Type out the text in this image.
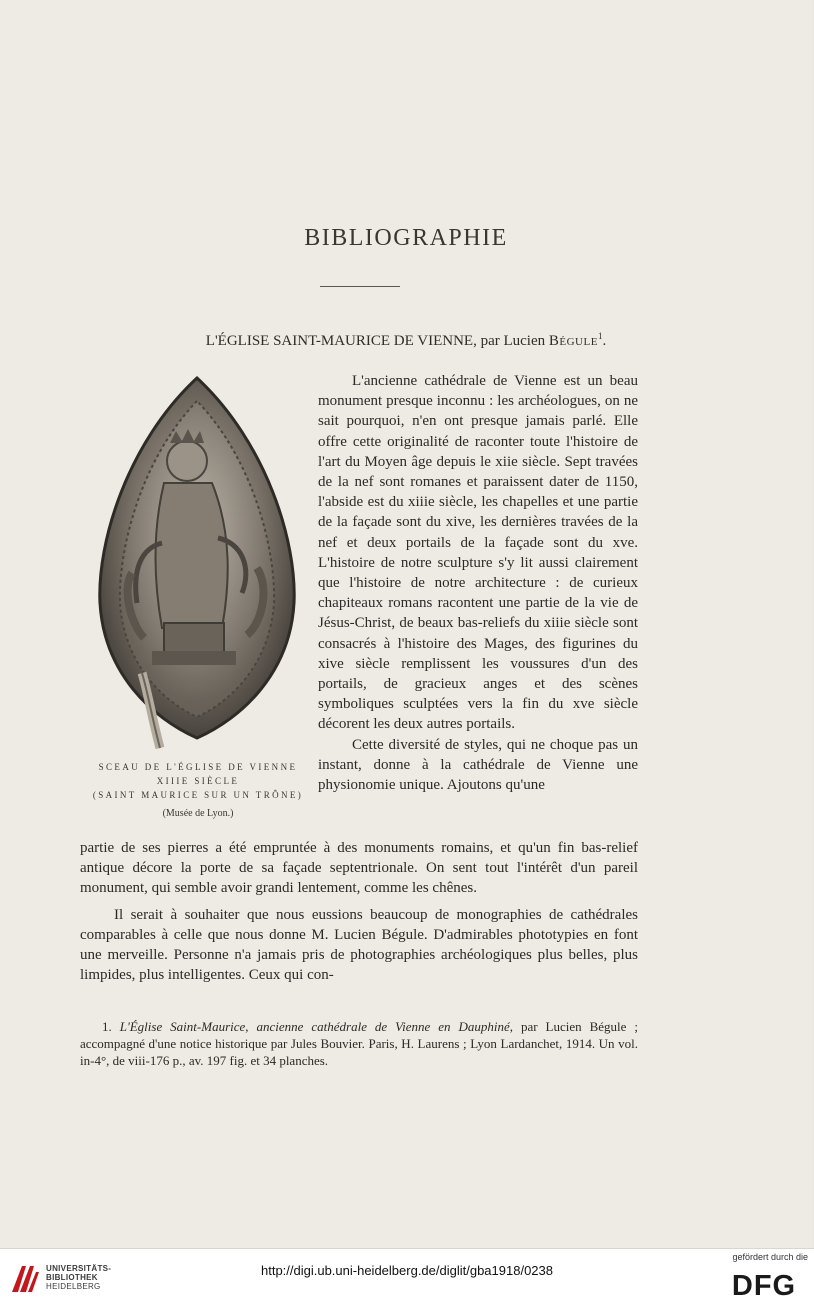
BIBLIOGRAPHIE
L'ÉGLISE SAINT-MAURICE DE VIENNE, par Lucien Bégule$^1$.
SCEAU DE L'ÉGLISE DE VIENNE
XIIIE SIÈCLE
(SAINT MAURICE SUR UN TRÔNE)
(Musée de Lyon.)

L'ancienne cathédrale de Vienne est un beau monument presque inconnu : les archéologues, on ne sait pourquoi, n'en ont presque jamais parlé. Elle offre cette originalité de raconter toute l'histoire de l'art du Moyen âge depuis le xiie siècle. Sept travées de la nef sont romanes et paraissent dater de 1150, l'abside est du xiiie siècle, les chapelles et une partie de la façade sont du xive, les dernières travées de la nef et deux portails de la façade sont du xve. L'histoire de notre sculpture s'y lit aussi clairement que l'histoire de notre architecture : de curieux chapiteaux romans racontent une partie de la vie de Jésus-Christ, de beaux bas-reliefs du xiiie siècle sont consacrés à l'histoire des Mages, des figurines du xive siècle remplissent les voussures d'un des portails, de gracieux anges et des scènes symboliques sculptées vers la fin du xve siècle décorent les deux autres portails.

Cette diversité de styles, qui ne choque pas un instant, donne à la cathédrale de Vienne une physionomie unique. Ajoutons qu'une

partie de ses pierres a été empruntée à des monuments romains, et qu'un fin bas-relief antique décore la porte de sa façade septentrionale. On sent tout l'intérêt d'un pareil monument, qui semble avoir grandi lentement, comme les chênes.

Il serait à souhaiter que nous eussions beaucoup de monographies de cathédrales comparables à celle que nous donne M. Lucien Bégule. D'admirables phototypies en font une merveille. Personne n'a jamais pris de photographies archéologiques plus belles, plus limpides, plus intelligentes. Ceux qui con-

1. L'Église Saint-Maurice, ancienne cathédrale de Vienne en Dauphiné, par Lucien Bégule ; accompagné d'une notice historique par Jules Bouvier. Paris, H. Laurens ; Lyon Lardanchet, 1914. Un vol. in-4°, de viii-176 p., av. 197 fig. et 34 planches.
UNIVERSITÄTS-
BIBLIOTHEK
HEIDELBERG
http://digi.ub.uni-heidelberg.de/diglit/gba1918/0238
gefördert durch die
DFG
